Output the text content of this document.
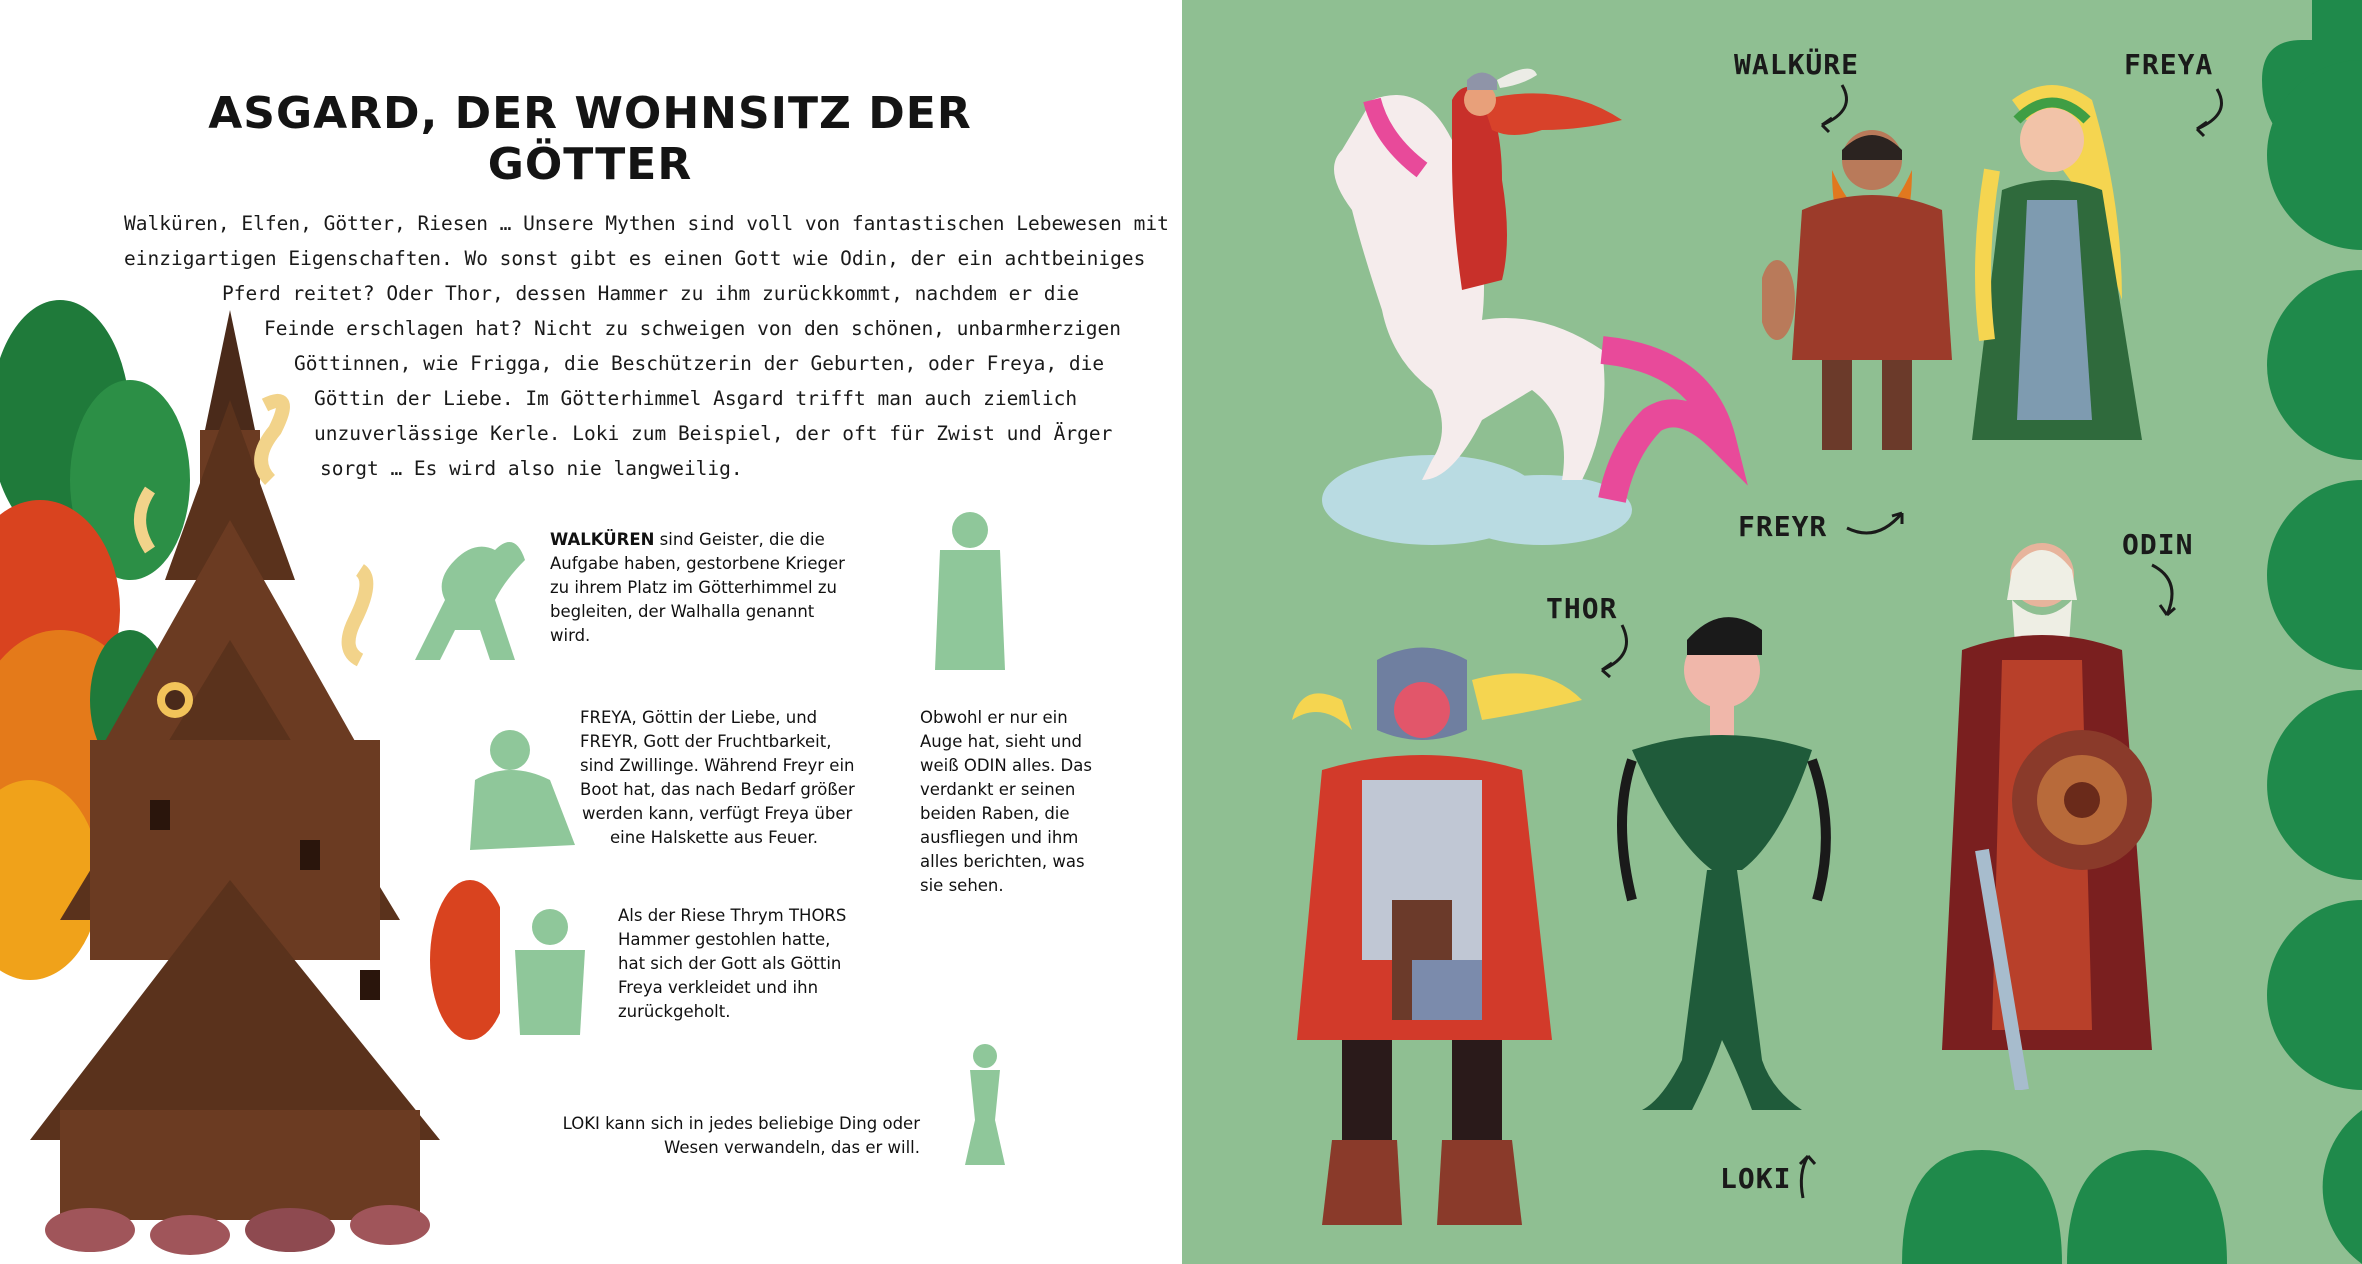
ASGARD, DER WOHNSITZ DER GÖTTER
Walküren, Elfen, Götter, Riesen … Unsere Mythen sind voll von fantastischen Lebewesen mit
einzigartigen Eigenschaften. Wo sonst gibt es einen Gott wie Odin, der ein achtbeiniges
Pferd reitet? Oder Thor, dessen Hammer zu ihm zurückkommt, nachdem er die
Feinde erschlagen hat? Nicht zu schweigen von den schönen, unbarmherzigen
Göttinnen, wie Frigga, die Beschützerin der Geburten, oder Freya, die
Göttin der Liebe. Im Götterhimmel Asgard trifft man auch ziemlich
unzuverlässige Kerle. Loki zum Beispiel, der oft für Zwist und Ärger
sorgt … Es wird also nie langweilig.
WALKÜREN sind Geister, die die
Aufgabe haben, gestorbene Krieger
zu ihrem Platz im Götterhimmel zu
begleiten, der Walhalla genannt
wird.
FREYA, Göttin der Liebe, und
FREYR, Gott der Fruchtbarkeit,
sind Zwillinge. Während Freyr ein
Boot hat, das nach Bedarf größer
werden kann, verfügt Freya über
eine Halskette aus Feuer.
Obwohl er nur ein
Auge hat, sieht und
weiß ODIN alles. Das
verdankt er seinen
beiden Raben, die
ausfliegen und ihm
alles berichten, was
sie sehen.
Als der Riese Thrym THORS
Hammer gestohlen hatte,
hat sich der Gott als Göttin
Freya verkleidet und ihn
zurückgeholt.
LOKI kann sich in jedes beliebige Ding oder
Wesen verwandeln, das er will.
WALKÜRE	FREYA
FREYR
ODIN
THOR
LOKI
